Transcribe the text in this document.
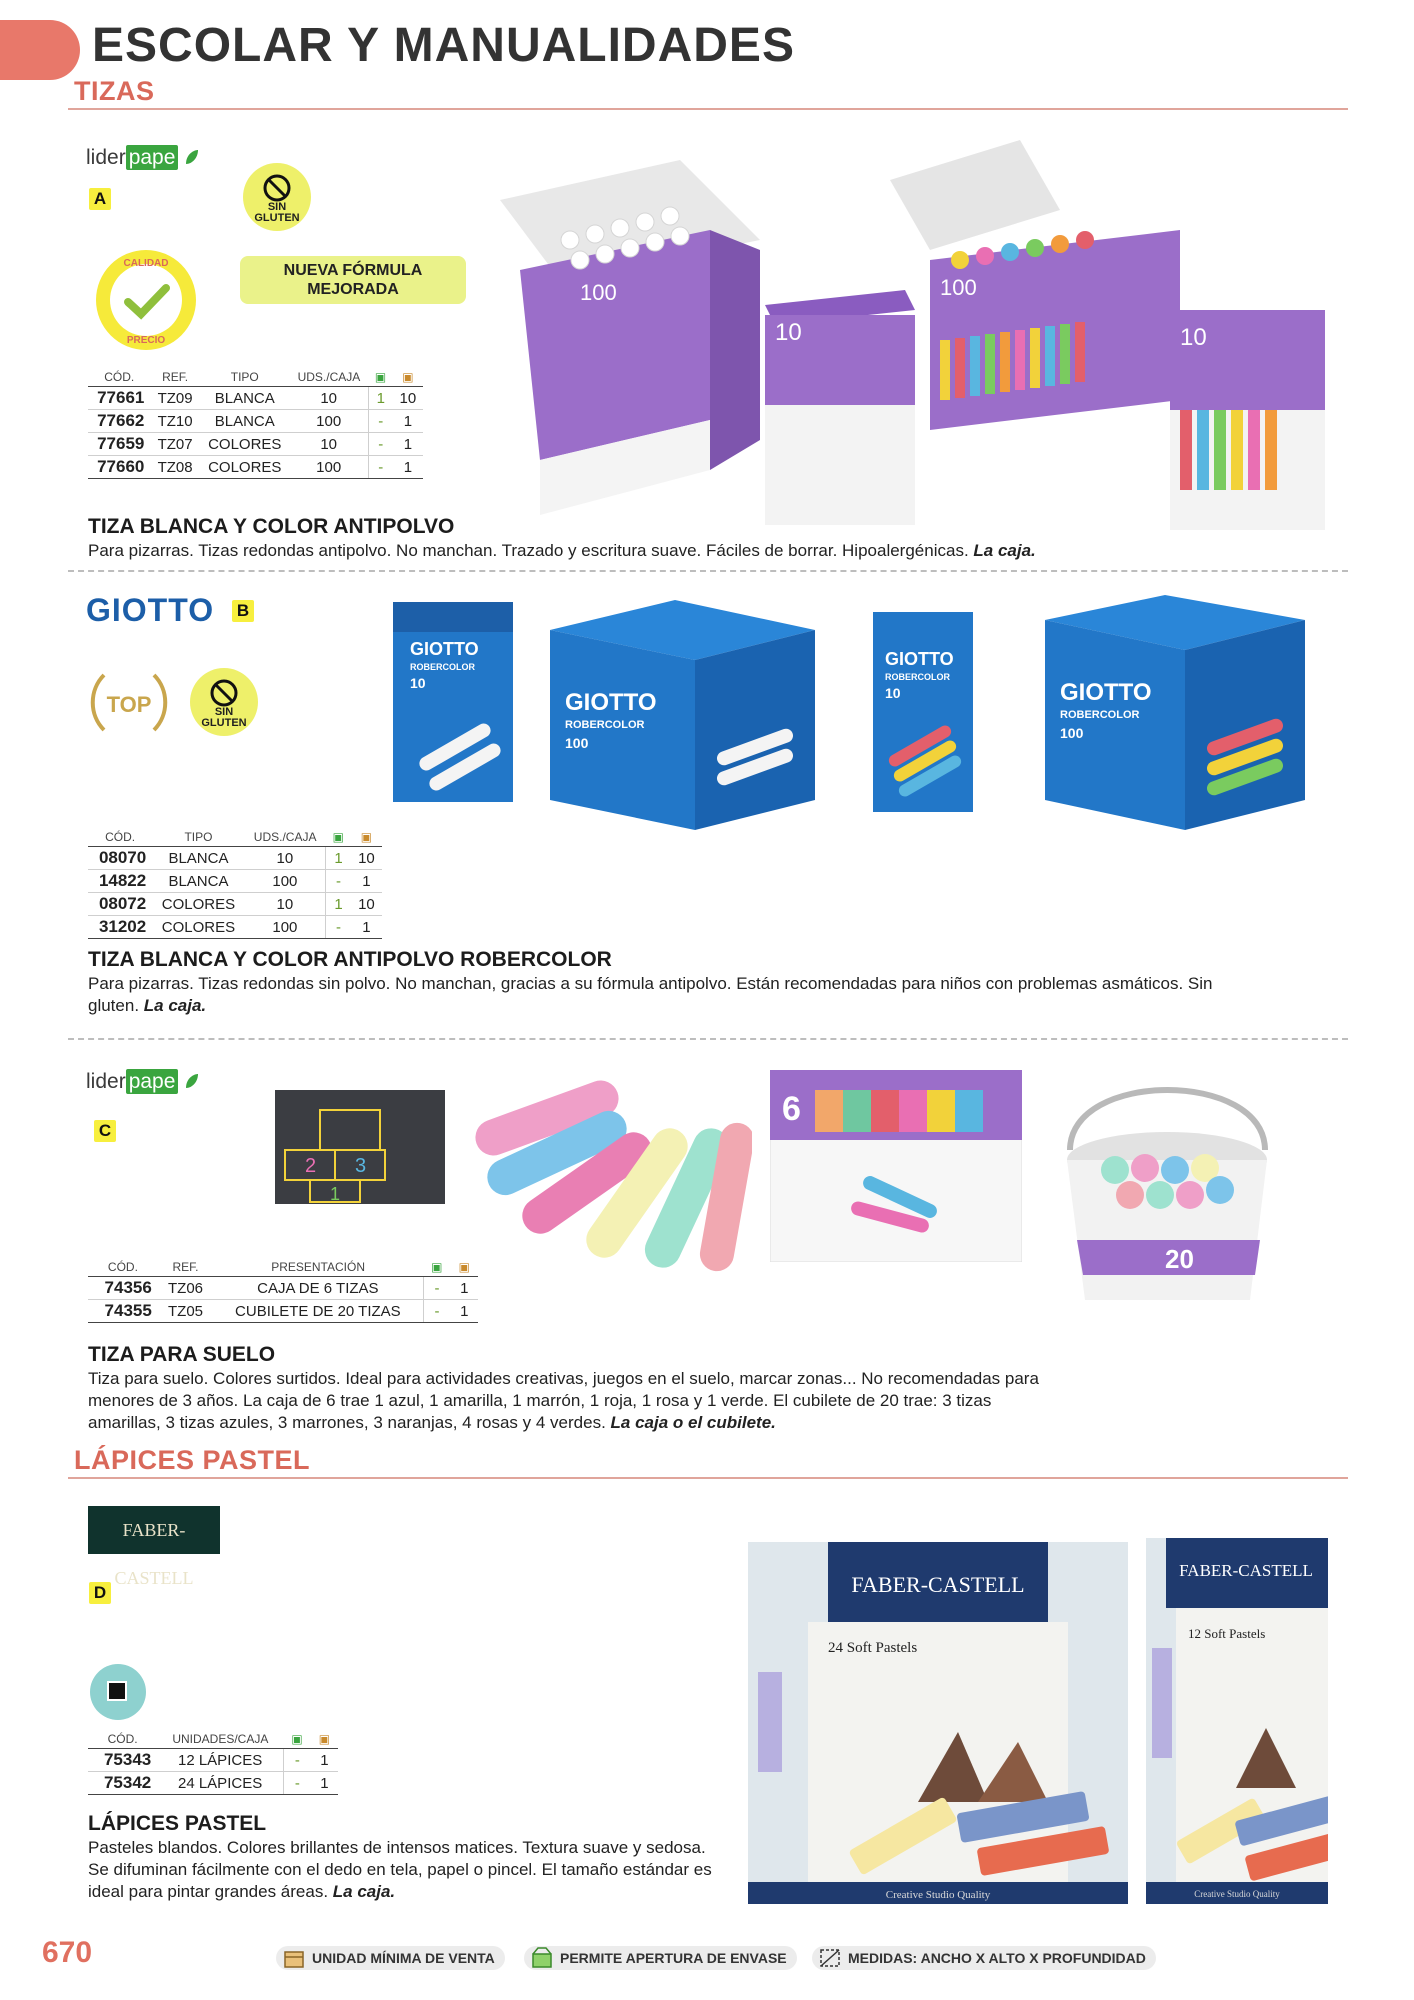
ESCOLAR Y MANUALIDADES
TIZAS
lider pape
A	SIN
GLUTEN
CALIDAD
PRECIO
NUEVA FÓRMULA
MEJORADA
CÓD.	REF.	TIPO	UDS./CAJA	▣	▣
77661	TZ09	BLANCA	10	1	10
77662	TZ10	BLANCA	100	-	1
77659	TZ07	COLORES	10	-	1
77660	TZ08	COLORES	100	-	1
100
10
100
10
TIZA BLANCA Y COLOR ANTIPOLVO
Para pizarras. Tizas redondas antipolvo. No manchan. Trazado y escritura suave. Fáciles de borrar. Hipoalergénicas. La caja.
GIOTTO B
TOP	SIN
GLUTEN
CÓD.	TIPO	UDS./CAJA	▣	▣
08070	BLANCA	10	1	10
14822	BLANCA	100	-	1
08072	COLORES	10	1	10
31202	COLORES	100	-	1
GIOTTO
ROBERCOLOR
10
GIOTTO
ROBERCOLOR
100
GIOTTO
ROBERCOLOR
10	GIOTTO
ROBERCOLOR
100
TIZA BLANCA Y COLOR ANTIPOLVO ROBERCOLOR
Para pizarras. Tizas redondas sin polvo. No manchan, gracias a su fórmula antipolvo. Están recomendadas para niños con problemas asmáticos. Sin gluten. La caja.
lider pape
C
2 3
1
6
20
CÓD.	REF.	PRESENTACIÓN	▣	▣
74356	TZ06	CAJA DE 6 TIZAS	-	1
74355	TZ05	CUBILETE DE 20 TIZAS	-	1
TIZA PARA SUELO
Tiza para suelo. Colores surtidos. Ideal para actividades creativas, juegos en el suelo, marcar zonas... No recomendadas para menores de 3 años. La caja de 6 trae 1 azul, 1 amarilla, 1 marrón, 1 roja, 1 rosa y 1 verde. El cubilete de 20 trae: 3 tizas amarillas, 3 tizas azules, 3 marrones, 3 naranjas, 4 rosas y 4 verdes. La caja o el cubilete.
LÁPICES PASTEL
FABER-CASTELL
D
CÓD.	UNIDADES/CAJA	▣	▣
75343	12 LÁPICES	-	1
75342	24 LÁPICES	-	1
LÁPICES PASTEL
Pasteles blandos. Colores brillantes de intensos matices. Textura suave y sedosa. Se difuminan fácilmente con el dedo en tela, papel o pincel. El tamaño estándar es ideal para pintar grandes áreas. La caja.
FABER-CASTELL
24 Soft Pastels
Creative Studio Quality
FABER-CASTELL
12 Soft Pastels
Creative Studio Quality
670	UNIDAD MÍNIMA DE VENTA	PERMITE APERTURA DE ENVASE	MEDIDAS: ANCHO X ALTO X PROFUNDIDAD
